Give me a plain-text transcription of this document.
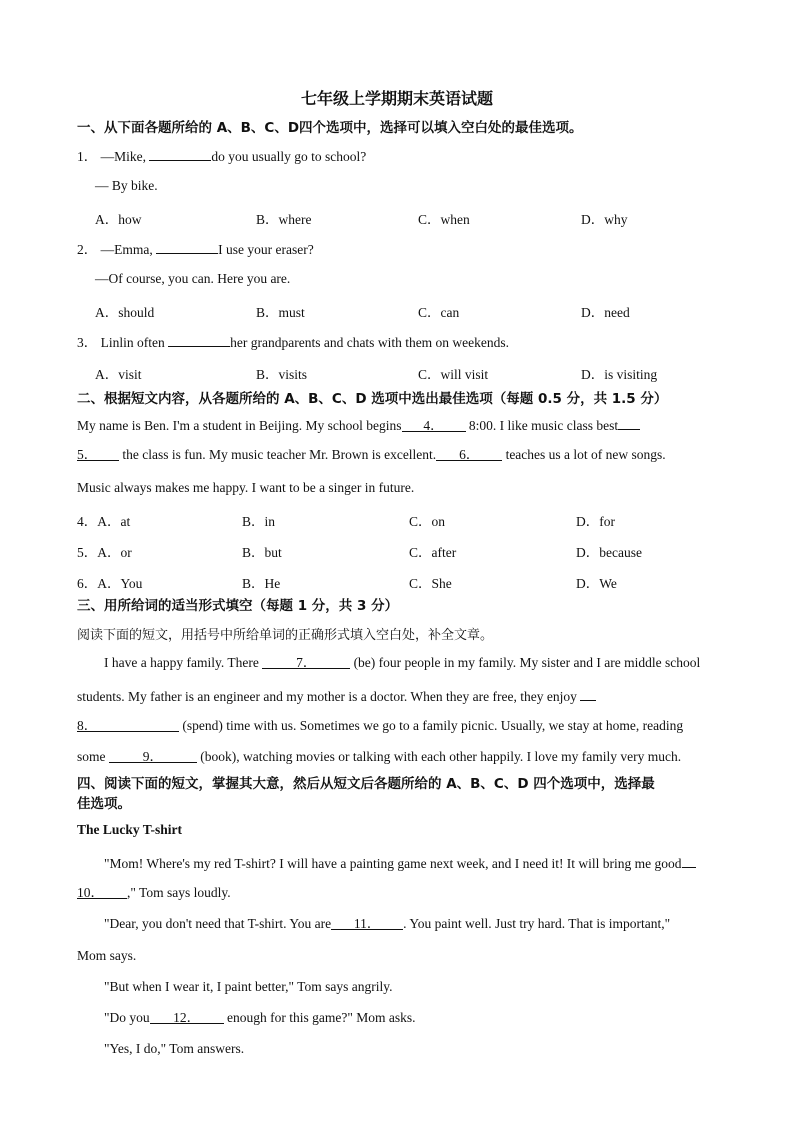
七年级上学期期末英语试题
一、从下面各题所给的 A、B、C、D四个选项中，选择可以填入空白处的最佳选项。
1． —Mike,	do you usually go to school?
— By bike.
A．how	B．where	C．when	D．why
2． —Emma,	I use your eraser?
—Of course, you can. Here you are.
A．should	B．must	C．can	D．need
3． Linlin often	her grandparents and chats with them on weekends.
A．visit	B．visits	C．will visit	D．is visiting
二、根据短文内容，从各题所给的 A、B、C、D 选项中选出最佳选项（每题 0.5 分，共 1.5 分）
My name is Ben. I'm a student in Beijing. My school begins 4． 8:00. I like music class best
5． the class is fun. My music teacher Mr. Brown is excellent. 6． teaches us a lot of new songs.
Music always makes me happy. I want to be a singer in future.
4．A．at	B．in	C．on	D．for
5．A．or	B．but	C．after	D．because
6．A．You	B．He	C．She	D．We
三、用所给词的适当形式填空（每题 1 分，共 3 分）
阅读下面的短文，用括号中所给单词的正确形式填入空白处，补全文章。
I have a happy family. There	7．	(be) four people in my family. My sister and I are middle school
students. My father is an engineer and my mother is a doctor. When they are free, they enjoy
8．	(spend) time with us. Sometimes we go to a family picnic. Usually, we stay at home, reading
some	9．	(book), watching movies or talking with each other happily. I love my family very much.
四、阅读下面的短文，掌握其大意，然后从短文后各题所给的 A、B、C、D 四个选项中，选择最
佳选项。
The Lucky T-shirt
"Mom! Where's my red T-shirt? I will have a painting game next week, and I need it! It will bring me good
10． ," Tom says loudly.
"Dear, you don't need that T-shirt. You are 11． . You paint well. Just try hard. That is important,"
Mom says.
"But when I wear it, I paint better," Tom says angrily.
"Do you 12． enough for this game?" Mom asks.
"Yes, I do," Tom answers.
